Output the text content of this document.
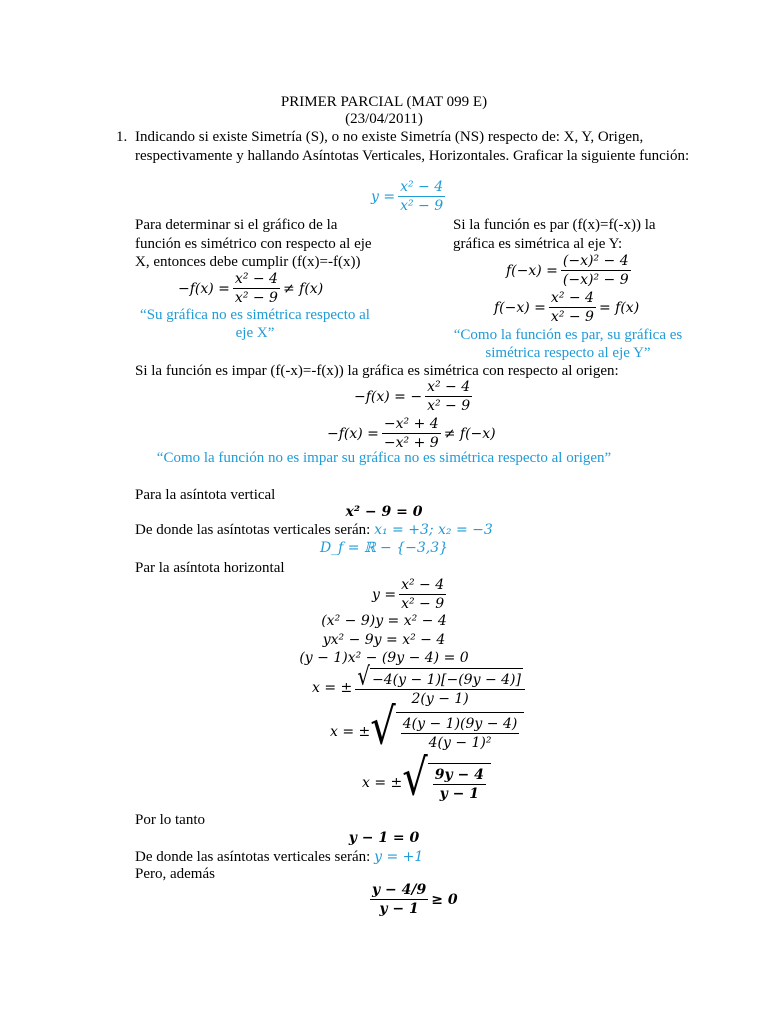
PRIMER PARCIAL (MAT 099 E)
(23/04/2011)
1. Indicando si existe Simetría (S), o no existe Simetría (NS) respecto de: X, Y, Origen,
respectivamente y hallando Asíntotas Verticales, Horizontales. Graficar la siguiente función:
$y = \frac{\text{x² − 4}}{\text{x² − 9}}$
Para determinar si el gráfico de la
función es simétrico con respecto al eje
X, entonces debe cumplir (f(x)=-f(x))
$-f(x) = \frac{\text{x² − 4}}{\text{x² − 9}} \ne f(x)$
“Su gráfica no es simétrica respecto al
eje X”
Si la función es par (f(x)=f(-x)) la
gráfica es simétrica al eje Y:
$f(-x) = \frac{\text{(−x)² − 4}}{\text{(−x)² − 9}}$
$f(-x) = \frac{\text{x² − 4}}{\text{x² − 9}} = f(x)$
“Como la función es par, su gráfica es
simétrica respecto al eje Y”
Si la función es impar (f(-x)=-f(x)) la gráfica es simétrica con respecto al origen:
−f(x) = − $\frac{\text{x² − 4}}{\text{x² − 9}}$
$-f(x) = \frac{\text{−x² + 4}}{\text{−x² + 9}} \ne f(-x)$
“Como la función no es impar su gráfica no es simétrica respecto al origen”
Para la asíntota vertical
x² − 9 = 0
De donde las asíntotas verticales serán: x₁ = +3; x₂ = −3
D_f = ℝ − {−3,3}
Par la asíntota horizontal
$y = \frac{\text{x² − 4}}{\text{x² − 9}}$
(x² − 9)y = x² − 4
yx² − 9y = x² − 4
(y − 1)x² − (9y − 4) = 0
x = ± $\frac{√ -4(y - 1)[-(9y - 4)]}{2(y - 1)}$
x = ± √ $\frac{4(y - 1)(9y - 4)}{\text{4(y − 1)²}}$
x = ± √ $\frac{9y - 4}{y - 1}$
Por lo tanto
y − 1 = 0
De donde las asíntotas verticales serán: y = +1
Pero, además
$\frac{y - 4/9}{y - 1} \ge 0$
